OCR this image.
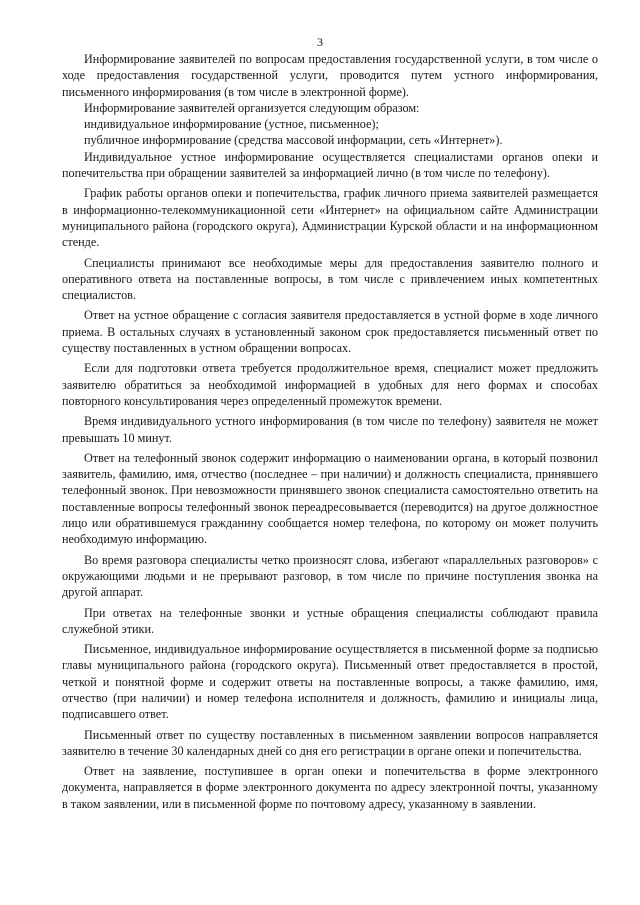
3

Информирование заявителей по вопросам предоставления государственной услуги, в том числе о ходе предоставления государственной услуги, проводится путем устного информирования, письменного информирования (в том числе в электронной форме).

Информирование заявителей организуется следующим образом:

индивидуальное информирование (устное, письменное);

публичное информирование (средства массовой информации, сеть «Интернет»).

Индивидуальное устное информирование осуществляется специалистами органов опеки и попечительства при обращении заявителей за информацией лично (в том числе по телефону).

График работы органов опеки и попечительства, график личного приема заявителей размещается в информационно-телекоммуникационной сети «Интернет» на официальном сайте Администрации муниципального района (городского округа), Администрации Курской области и на информационном стенде.

Специалисты принимают все необходимые меры для предоставления заявителю полного и оперативного ответа на поставленные вопросы, в том числе с привлечением иных компетентных специалистов.

Ответ на устное обращение с согласия заявителя предоставляется в устной форме в ходе личного приема. В остальных случаях в установленный законом срок предоставляется письменный ответ по существу поставленных в устном обращении вопросах.

Если для подготовки ответа требуется продолжительное время, специалист может предложить заявителю обратиться за необходимой информацией в удобных для него формах и способах повторного консультирования через определенный промежуток времени.

Время индивидуального устного информирования (в том числе по телефону) заявителя не может превышать 10 минут.

Ответ на телефонный звонок содержит информацию о наименовании органа, в который позвонил заявитель, фамилию, имя, отчество (последнее – при наличии) и должность специалиста, принявшего телефонный звонок. При невозможности принявшего звонок специалиста самостоятельно ответить на поставленные вопросы телефонный звонок переадресовывается (переводится) на другое должностное лицо или обратившемуся гражданину сообщается номер телефона, по которому он может получить необходимую информацию.

Во время разговора специалисты четко произносят слова, избегают «параллельных разговоров» с окружающими людьми и не прерывают разговор, в том числе по причине поступления звонка на другой аппарат.

При ответах на телефонные звонки и устные обращения специалисты соблюдают правила служебной этики.

Письменное, индивидуальное информирование осуществляется в письменной форме за подписью главы муниципального района (городского округа). Письменный ответ предоставляется в простой, четкой и понятной форме и содержит ответы на поставленные вопросы, а также фамилию, имя, отчество (при наличии) и номер телефона исполнителя и должность, фамилию и инициалы лица, подписавшего ответ.

Письменный ответ по существу поставленных в письменном заявлении вопросов направляется заявителю в течение 30 календарных дней со дня его регистрации в органе опеки и попечительства.

Ответ на заявление, поступившее в орган опеки и попечительства в форме электронного документа, направляется в форме электронного документа по адресу электронной почты, указанному в таком заявлении, или в письменной форме по почтовому адресу, указанному в заявлении.
